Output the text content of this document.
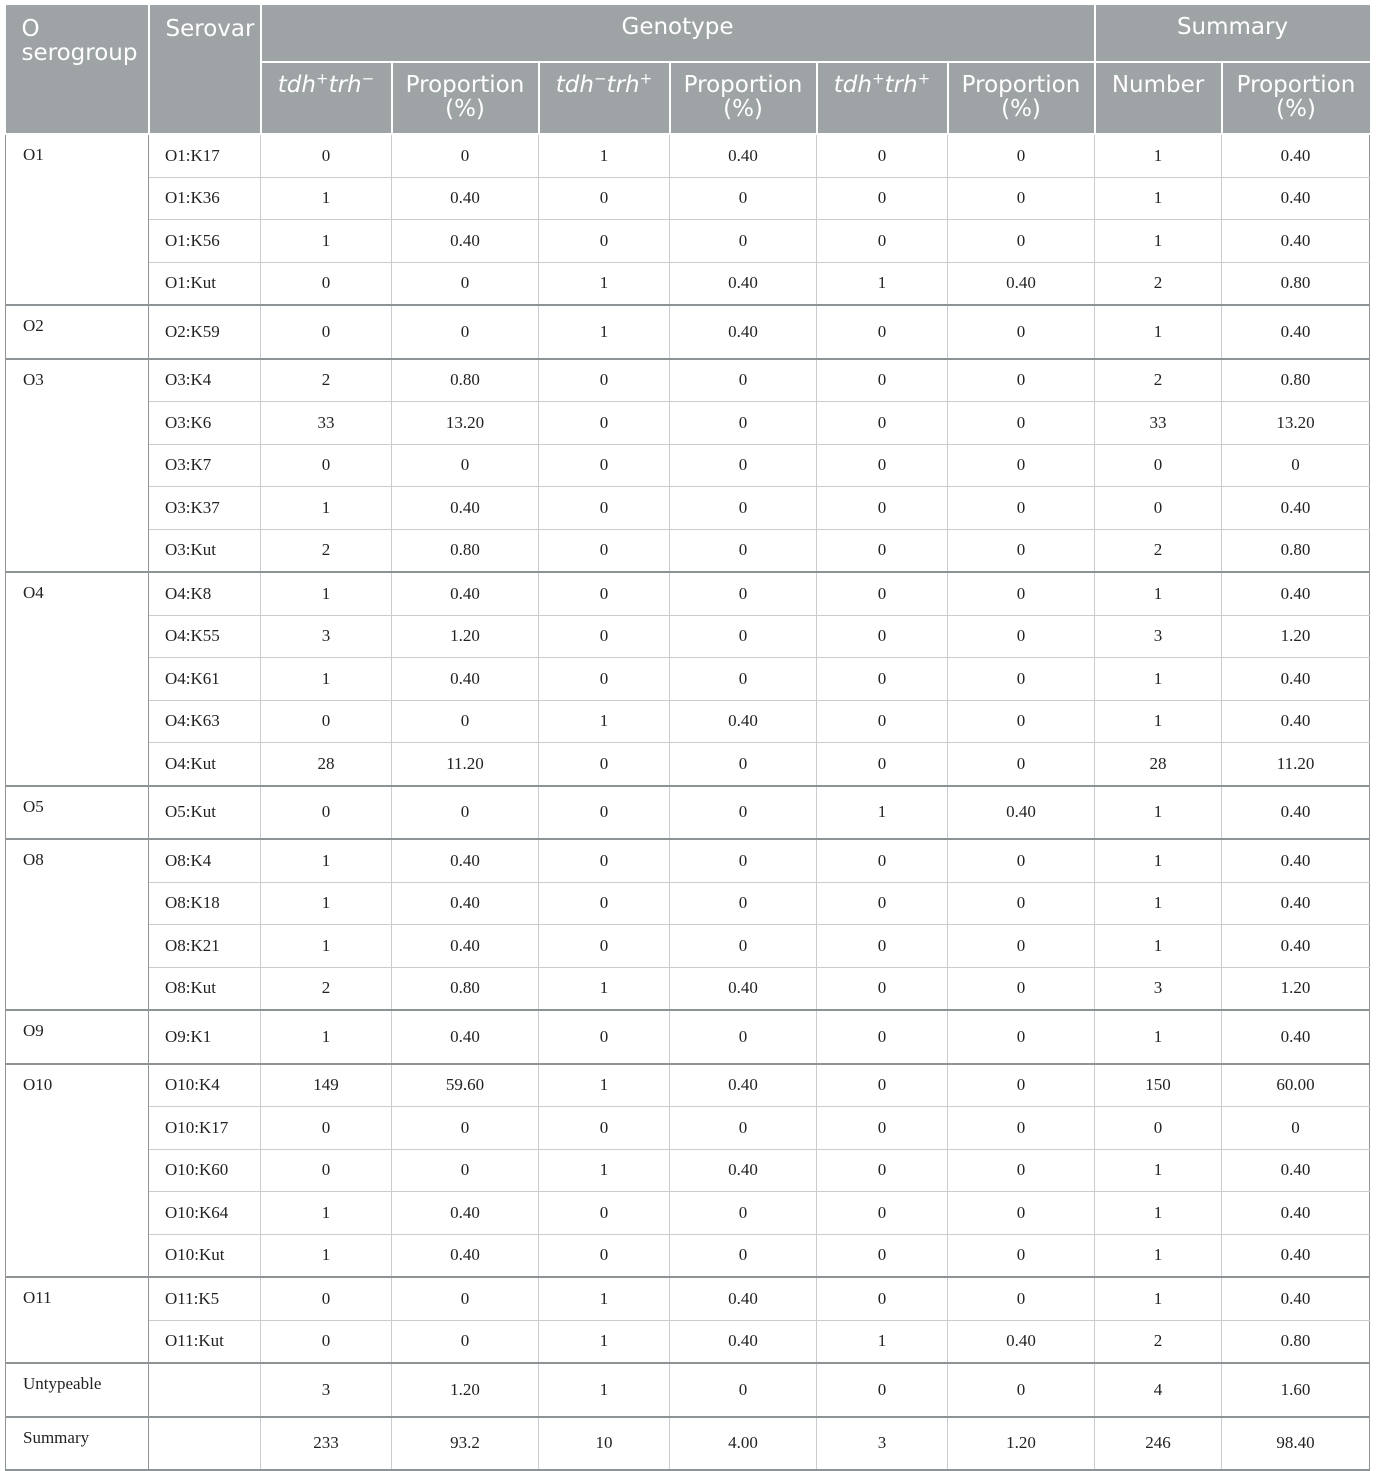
O serogroup	Serovar	Genotype						Summary	
		tdh+trh−	Proportion (%)	tdh−trh+	Proportion (%)	tdh+trh+	Proportion (%)	Number	Proportion (%)
O1	O1:K17	0	0	1	0.40	0	0	1	0.40
	O1:K36	1	0.40	0	0	0	0	1	0.40
	O1:K56	1	0.40	0	0	0	0	1	0.40
	O1:Kut	0	0	1	0.40	1	0.40	2	0.80
O2	O2:K59	0	0	1	0.40	0	0	1	0.40
O3	O3:K4	2	0.80	0	0	0	0	2	0.80
	O3:K6	33	13.20	0	0	0	0	33	13.20
	O3:K7	0	0	0	0	0	0	0	0
	O3:K37	1	0.40	0	0	0	0	0	0.40
	O3:Kut	2	0.80	0	0	0	0	2	0.80
O4	O4:K8	1	0.40	0	0	0	0	1	0.40
	O4:K55	3	1.20	0	0	0	0	3	1.20
	O4:K61	1	0.40	0	0	0	0	1	0.40
	O4:K63	0	0	1	0.40	0	0	1	0.40
	O4:Kut	28	11.20	0	0	0	0	28	11.20
O5	O5:Kut	0	0	0	0	1	0.40	1	0.40
O8	O8:K4	1	0.40	0	0	0	0	1	0.40
	O8:K18	1	0.40	0	0	0	0	1	0.40
	O8:K21	1	0.40	0	0	0	0	1	0.40
	O8:Kut	2	0.80	1	0.40	0	0	3	1.20
O9	O9:K1	1	0.40	0	0	0	0	1	0.40
O10	O10:K4	149	59.60	1	0.40	0	0	150	60.00
	O10:K17	0	0	0	0	0	0	0	0
	O10:K60	0	0	1	0.40	0	0	1	0.40
	O10:K64	1	0.40	0	0	0	0	1	0.40
	O10:Kut	1	0.40	0	0	0	0	1	0.40
O11	O11:K5	0	0	1	0.40	0	0	1	0.40
	O11:Kut	0	0	1	0.40	1	0.40	2	0.80
Untypeable		3	1.20	1	0	0	0	4	1.60
Summary		233	93.2	10	4.00	3	1.20	246	98.40
